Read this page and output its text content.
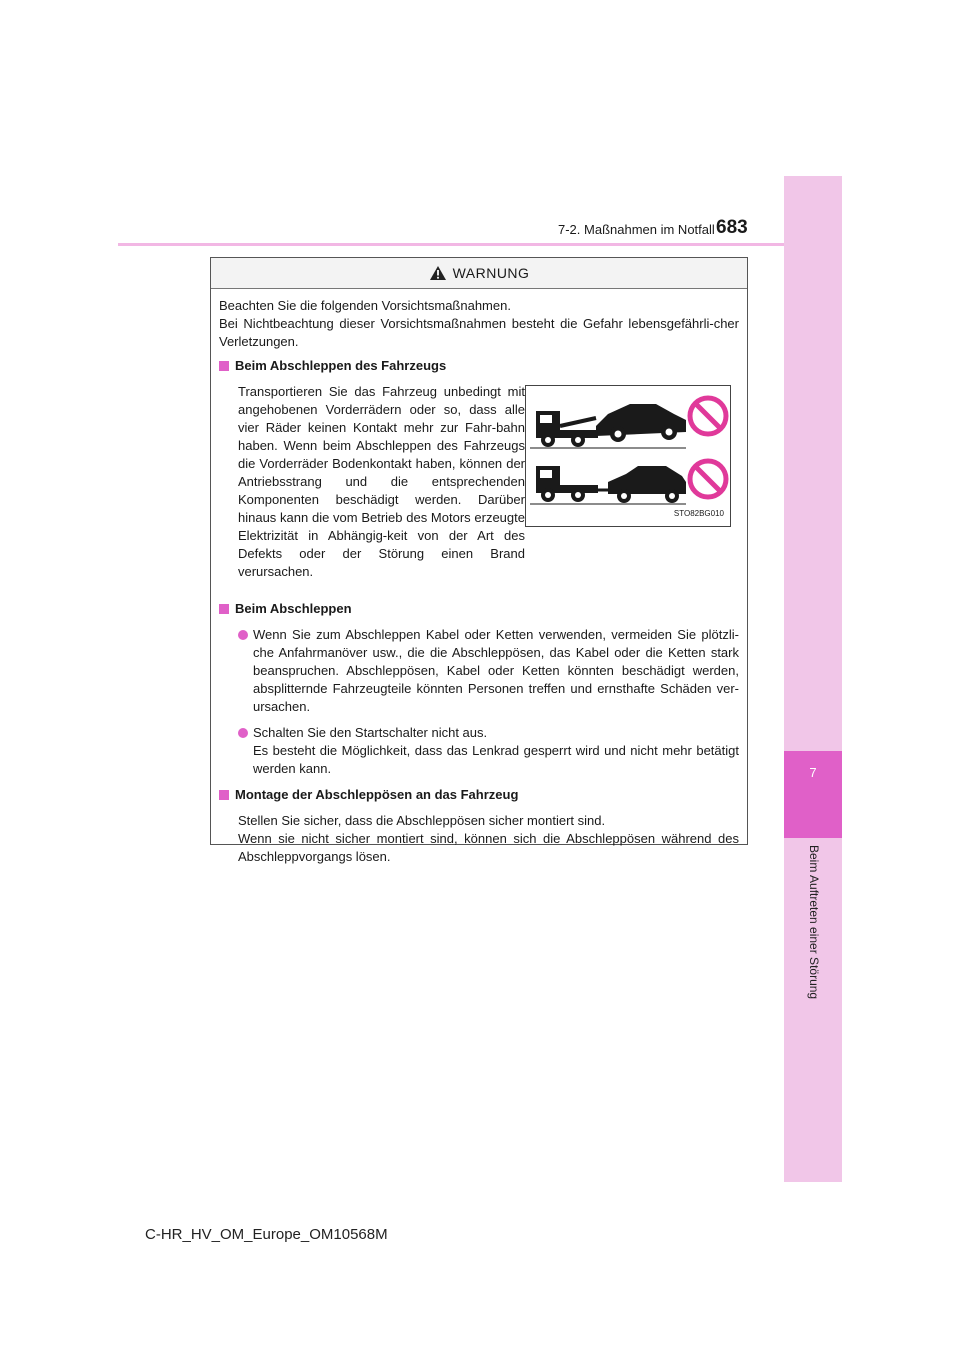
7
Beim Auftreten einer Störung
7-2. Maßnahmen im Notfall 683
WARNUNG

Beachten Sie die folgenden Vorsichtsmaßnahmen.

Bei Nichtbeachtung dieser Vorsichtsmaßnahmen besteht die Gefahr lebensgefährli-cher Verletzungen.

Beim Abschleppen des Fahrzeugs

Transportieren Sie das Fahrzeug unbedingt mit angehobenen Vorderrädern oder so, dass alle vier Räder keinen Kontakt mehr zur Fahr-bahn haben. Wenn beim Abschleppen des Fahrzeugs die Vorderräder Bodenkontakt haben, können der Antriebsstrang und die entsprechenden Komponenten beschädigt werden. Darüber hinaus kann die vom Betrieb des Motors erzeugte Elektrizität in Abhängig-keit von der Art des Defekts oder der Störung einen Brand verursachen.

STO82BG010
Beim Abschleppen
Wenn Sie zum Abschleppen Kabel oder Ketten verwenden, vermeiden Sie plötzli-che Anfahrmanöver usw., die die Abschleppösen, das Kabel oder die Ketten stark beanspruchen. Abschleppösen, Kabel oder Ketten könnten beschädigt werden, absplitternde Fahrzeugteile könnten Personen treffen und ernsthafte Schäden ver-ursachen.
Schalten Sie den Startschalter nicht aus.
Es besteht die Möglichkeit, dass das Lenkrad gesperrt wird und nicht mehr betätigt werden kann.
Montage der Abschleppösen an das Fahrzeug

Stellen Sie sicher, dass die Abschleppösen sicher montiert sind.

Wenn sie nicht sicher montiert sind, können sich die Abschleppösen während des Abschleppvorgangs lösen.

C-HR_HV_OM_Europe_OM10568M
